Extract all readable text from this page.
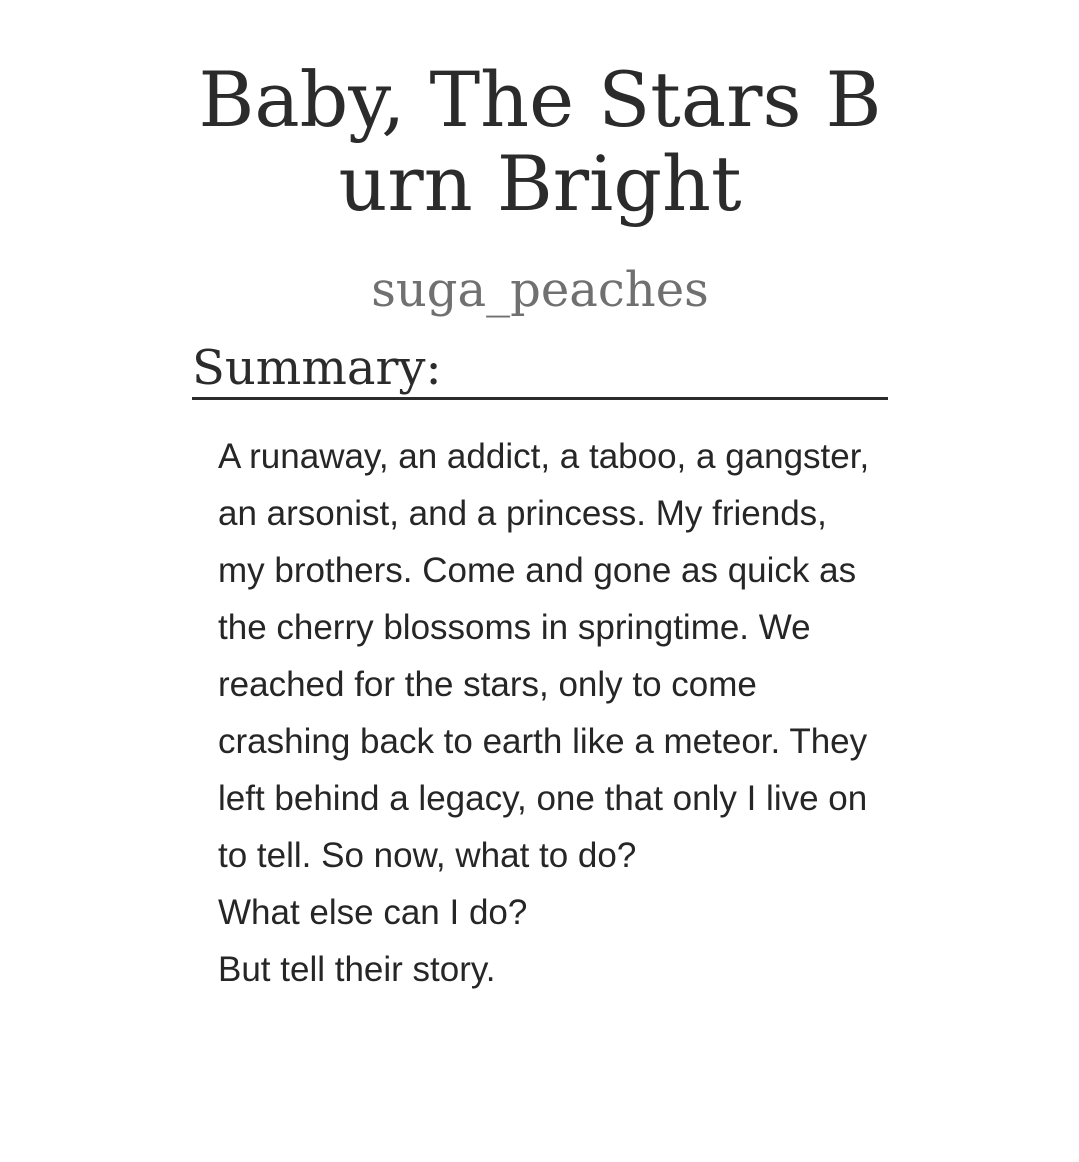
Baby, The Stars B
urn Bright
suga_peaches
Summary:

A runaway, an addict, a taboo, a gangster, an arsonist, and a princess. My friends, my brothers. Come and gone as quick as the cherry blossoms in springtime. We reached for the stars, only to come crashing back to earth like a meteor. They left behind a legacy, one that only I live on to tell. So now, what to do?

What else can I do?

But tell their story.
